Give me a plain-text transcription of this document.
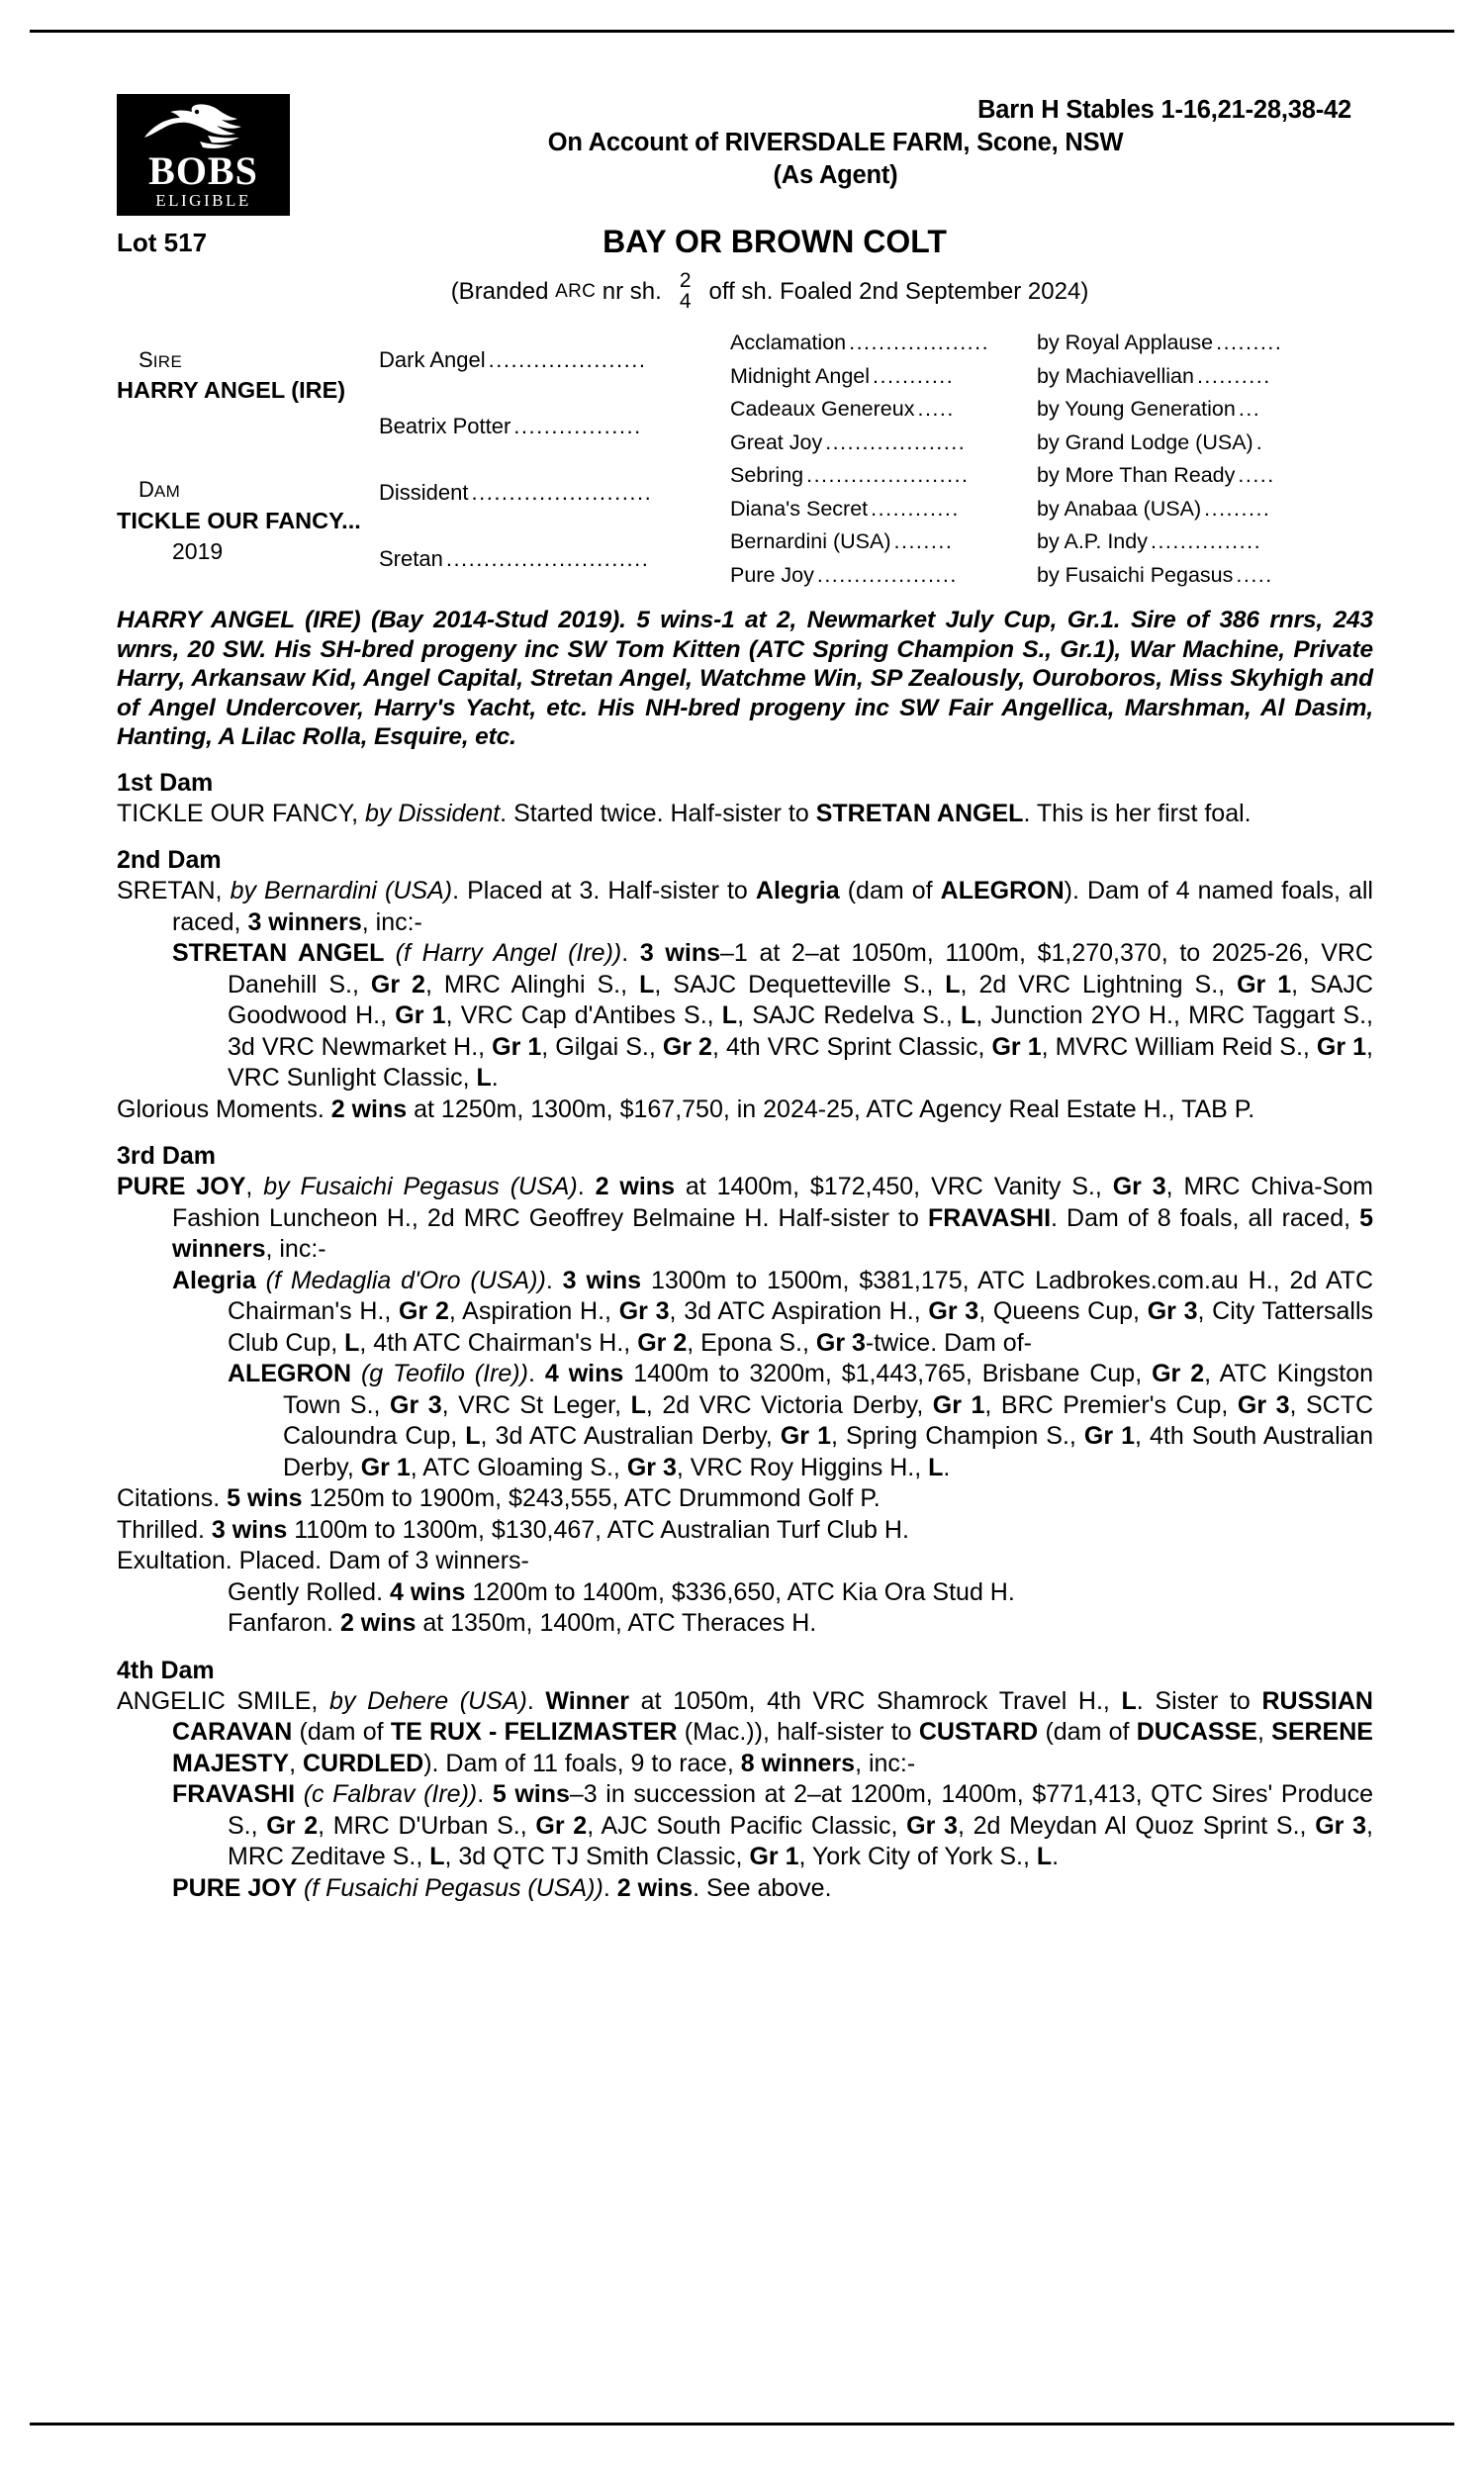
BOBS
ELIGIBLE
Barn H Stables 1-16,21-28,38-42
On Account of RIVERSDALE FARM, Scone, NSW
(As Agent)
Lot 517	BAY OR BROWN COLT
(Branded
ARC
nr sh. 2
4 off sh. Foaled 2nd September 2024)
SIRE
HARRY ANGEL (IRE)
DAM
TICKLE OUR FANCY...
2019
Dark Angel .....................
Beatrix Potter .................
Dissident ........................
Sretan ...........................
Acclamation ...................	by Royal Applause .........
Midnight Angel ...........	by Machiavellian ..........
Cadeaux Genereux .....	by Young Generation ...
Great Joy ...................	by Grand Lodge (USA) .
Sebring ......................	by More Than Ready .....
Diana's Secret ............	by Anabaa (USA) .........
Bernardini (USA) ........	by A.P. Indy ...............
Pure Joy ...................	by Fusaichi Pegasus .....
HARRY ANGEL (IRE) (Bay 2014-Stud 2019). 5 wins-1 at 2, Newmarket July Cup, Gr.1. Sire of 386 rnrs, 243 wnrs, 20 SW. His SH-bred progeny inc SW Tom Kitten (ATC Spring Champion S., Gr.1), War Machine, Private Harry, Arkansaw Kid, Angel Capital, Stretan Angel, Watchme Win, SP Zealously, Ouroboros, Miss Skyhigh and of Angel Undercover, Harry's Yacht, etc. His NH-bred progeny inc SW Fair Angellica, Marshman, Al Dasim, Hanting, A Lilac Rolla, Esquire, etc.
1st Dam
TICKLE OUR FANCY, by Dissident. Started twice. Half-sister to STRETAN ANGEL. This is her first foal.
2nd Dam
SRETAN, by Bernardini (USA). Placed at 3. Half-sister to Alegria (dam of ALEGRON). Dam of 4 named foals, all raced, 3 winners, inc:-
STRETAN ANGEL (f Harry Angel (Ire)). 3 wins–1 at 2–at 1050m, 1100m, $1,270,370, to 2025-26, VRC Danehill S., Gr 2, MRC Alinghi S., L, SAJC Dequetteville S., L, 2d VRC Lightning S., Gr 1, SAJC Goodwood H., Gr 1, VRC Cap d'Antibes S., L, SAJC Redelva S., L, Junction 2YO H., MRC Taggart S., 3d VRC Newmarket H., Gr 1, Gilgai S., Gr 2, 4th VRC Sprint Classic, Gr 1, MVRC William Reid S., Gr 1, VRC Sunlight Classic, L.
Glorious Moments. 2 wins at 1250m, 1300m, $167,750, in 2024-25, ATC Agency Real Estate H., TAB P.
3rd Dam
PURE JOY, by Fusaichi Pegasus (USA). 2 wins at 1400m, $172,450, VRC Vanity S., Gr 3, MRC Chiva-Som Fashion Luncheon H., 2d MRC Geoffrey Belmaine H. Half-sister to FRAVASHI. Dam of 8 foals, all raced, 5 winners, inc:-
Alegria (f Medaglia d'Oro (USA)). 3 wins 1300m to 1500m, $381,175, ATC Ladbrokes.com.au H., 2d ATC Chairman's H., Gr 2, Aspiration H., Gr 3, 3d ATC Aspiration H., Gr 3, Queens Cup, Gr 3, City Tattersalls Club Cup, L, 4th ATC Chairman's H., Gr 2, Epona S., Gr 3-twice. Dam of-
ALEGRON (g Teofilo (Ire)). 4 wins 1400m to 3200m, $1,443,765, Brisbane Cup, Gr 2, ATC Kingston Town S., Gr 3, VRC St Leger, L, 2d VRC Victoria Derby, Gr 1, BRC Premier's Cup, Gr 3, SCTC Caloundra Cup, L, 3d ATC Australian Derby, Gr 1, Spring Champion S., Gr 1, 4th South Australian Derby, Gr 1, ATC Gloaming S., Gr 3, VRC Roy Higgins H., L.
Citations. 5 wins 1250m to 1900m, $243,555, ATC Drummond Golf P.
Thrilled. 3 wins 1100m to 1300m, $130,467, ATC Australian Turf Club H.
Exultation. Placed. Dam of 3 winners-
Gently Rolled. 4 wins 1200m to 1400m, $336,650, ATC Kia Ora Stud H.
Fanfaron. 2 wins at 1350m, 1400m, ATC Theraces H.
4th Dam
ANGELIC SMILE, by Dehere (USA). Winner at 1050m, 4th VRC Shamrock Travel H., L. Sister to RUSSIAN CARAVAN (dam of TE RUX - FELIZMASTER (Mac.)), half-sister to CUSTARD (dam of DUCASSE, SERENE MAJESTY, CURDLED). Dam of 11 foals, 9 to race, 8 winners, inc:-
FRAVASHI (c Falbrav (Ire)). 5 wins–3 in succession at 2–at 1200m, 1400m, $771,413, QTC Sires' Produce S., Gr 2, MRC D'Urban S., Gr 2, AJC South Pacific Classic, Gr 3, 2d Meydan Al Quoz Sprint S., Gr 3, MRC Zeditave S., L, 3d QTC TJ Smith Classic, Gr 1, York City of York S., L.
PURE JOY (f Fusaichi Pegasus (USA)). 2 wins. See above.
